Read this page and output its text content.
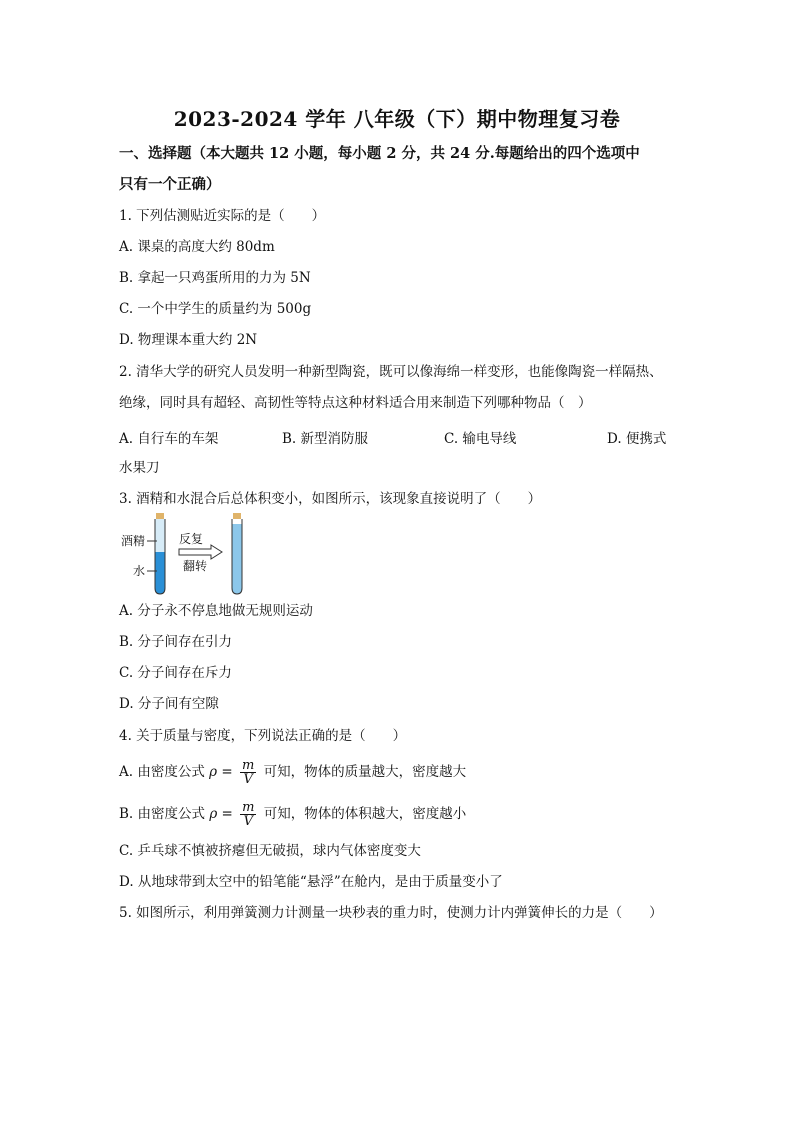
2023-2024 学年 八年级（下）期中物理复习卷
一、选择题（本大题共 12 小题，每小题 2 分，共 24 分.每题给出的四个选项中
只有一个正确）
1. 下列估测贴近实际的是（　　）
A. 课桌的高度大约 80dm
B. 拿起一只鸡蛋所用的力为 5N
C. 一个中学生的质量约为 500g
D. 物理课本重大约 2N
2. 清华大学的研究人员发明一种新型陶瓷，既可以像海绵一样变形，也能像陶瓷一样隔热、
绝缘，同时具有超轻、高韧性等特点这种材料适合用来制造下列哪种物品（　）
A. 自行车的车架	B. 新型消防服	C. 输电导线	D. 便携式
水果刀
3. 酒精和水混合后总体积变小，如图所示，该现象直接说明了（　　）
酒精
水
反复
翻转
A. 分子永不停息地做无规则运动
B. 分子间存在引力
C. 分子间存在斥力
D. 分子间有空隙
4. 关于质量与密度，下列说法正确的是（　　）
A. 由密度公式 $\rho = \frac{m}{V}$ 可知，物体的质量越大，密度越大
B. 由密度公式 $\rho = \frac{m}{V}$ 可知，物体的体积越大，密度越小
C. 乒乓球不慎被挤瘪但无破损，球内气体密度变大
D. 从地球带到太空中的铅笔能“悬浮”在舱内，是由于质量变小了
5. 如图所示，利用弹簧测力计测量一块秒表的重力时，使测力计内弹簧伸长的力是（　　）
